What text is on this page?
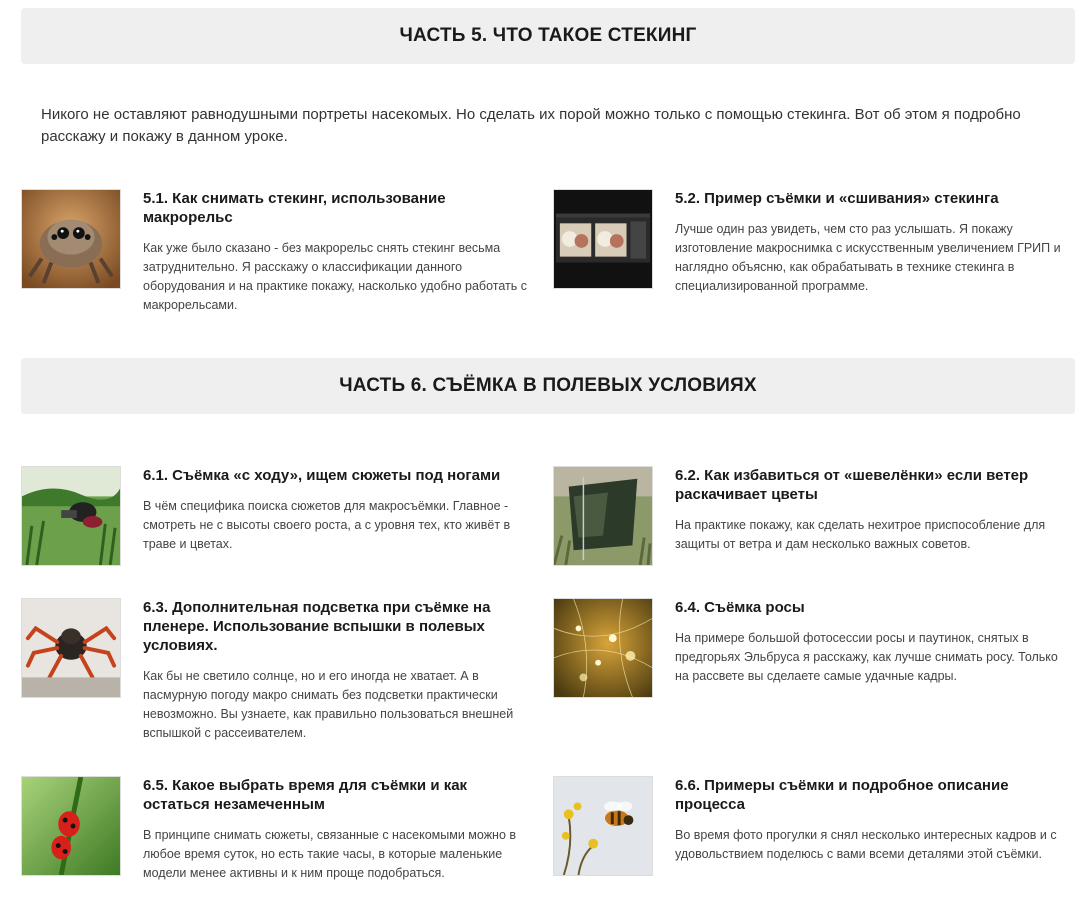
ЧАСТЬ 5. ЧТО ТАКОЕ СТЕКИНГ

Никого не оставляют равнодушными портреты насекомых. Но сделать их порой можно только с помощью стекинга. Вот об этом я подробно расскажу и покажу в данном уроке.

5.1. Как снимать стекинг, использование макрорельс

Как уже было сказано - без макрорельс снять стекинг весьма затруднительно. Я расскажу о классификации данного оборудования и на практике покажу, насколько удобно работать с макрорельсами.

5.2. Пример съёмки и «сшивания» стекинга

Лучше один раз увидеть, чем сто раз услышать. Я покажу изготовление макроснимка с искусственным увеличением ГРИП и наглядно объясню, как обрабатывать в технике стекинга в специализированной программе.

ЧАСТЬ 6. СЪЁМКА В ПОЛЕВЫХ УСЛОВИЯХ
6.1. Съёмка «с ходу», ищем сюжеты под ногами

В чём специфика поиска сюжетов для макросъёмки. Главное - смотреть не с высоты своего роста, а с уровня тех, кто живёт в траве и цветах.

6.2. Как избавиться от «шевелёнки» если ветер раскачивает цветы

На практике покажу, как сделать нехитрое приспособление для защиты от ветра и дам несколько важных советов.

6.3. Дополнительная подсветка при съёмке на пленере. Использование вспышки в полевых условиях.

Как бы не светило солнце, но и его иногда не хватает. А в пасмурную погоду макро снимать без подсветки практически невозможно. Вы узнаете, как правильно пользоваться внешней вспышкой с рассеивателем.

6.4. Съёмка росы

На примере большой фотосессии росы и паутинок, снятых в предгорьях Эльбруса я расскажу, как лучше снимать росу. Только на рассвете вы сделаете самые удачные кадры.

6.5. Какое выбрать время для съёмки и как остаться незамеченным

В принципе снимать сюжеты, связанные с насекомыми можно в любое время суток, но есть такие часы, в которые маленькие модели менее активны и к ним проще подобраться.

6.6. Примеры съёмки и подробное описание процесса

Во время фото прогулки я снял несколько интересных кадров и с удовольствием поделюсь с вами всеми деталями этой съёмки.
